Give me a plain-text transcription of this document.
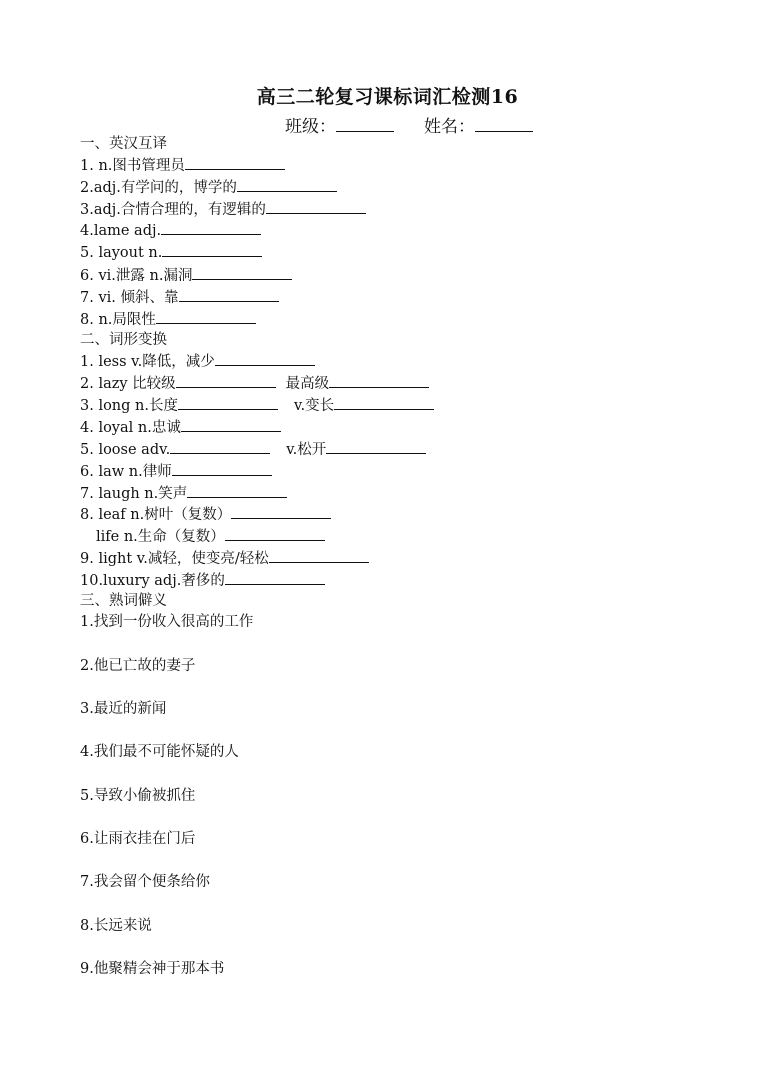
高三二轮复习课标词汇检测16
班级：	姓名：
一、英汉互译
1. n.图书管理员
2.adj.有学问的，博学的
3.adj.合情合理的，有逻辑的
4.lame adj.
5. layout n.
6. vi.泄露 n.漏洞
7. vi. 倾斜、靠
8. n.局限性
二、词形变换
1. less v.降低，减少
2. lazy 比较级	最高级
3. long n.长度	v.变长
4. loyal n.忠诚
5. loose adv.	v.松开
6. law n.律师
7. laugh n.笑声
8. leaf n.树叶（复数）
life n.生命（复数）
9. light v.减轻，使变亮/轻松
10.luxury adj.奢侈的
三、熟词僻义
1.找到一份收入很高的工作
2.他已亡故的妻子
3.最近的新闻
4.我们最不可能怀疑的人
5.导致小偷被抓住
6.让雨衣挂在门后
7.我会留个便条给你
8.长远来说
9.他聚精会神于那本书
